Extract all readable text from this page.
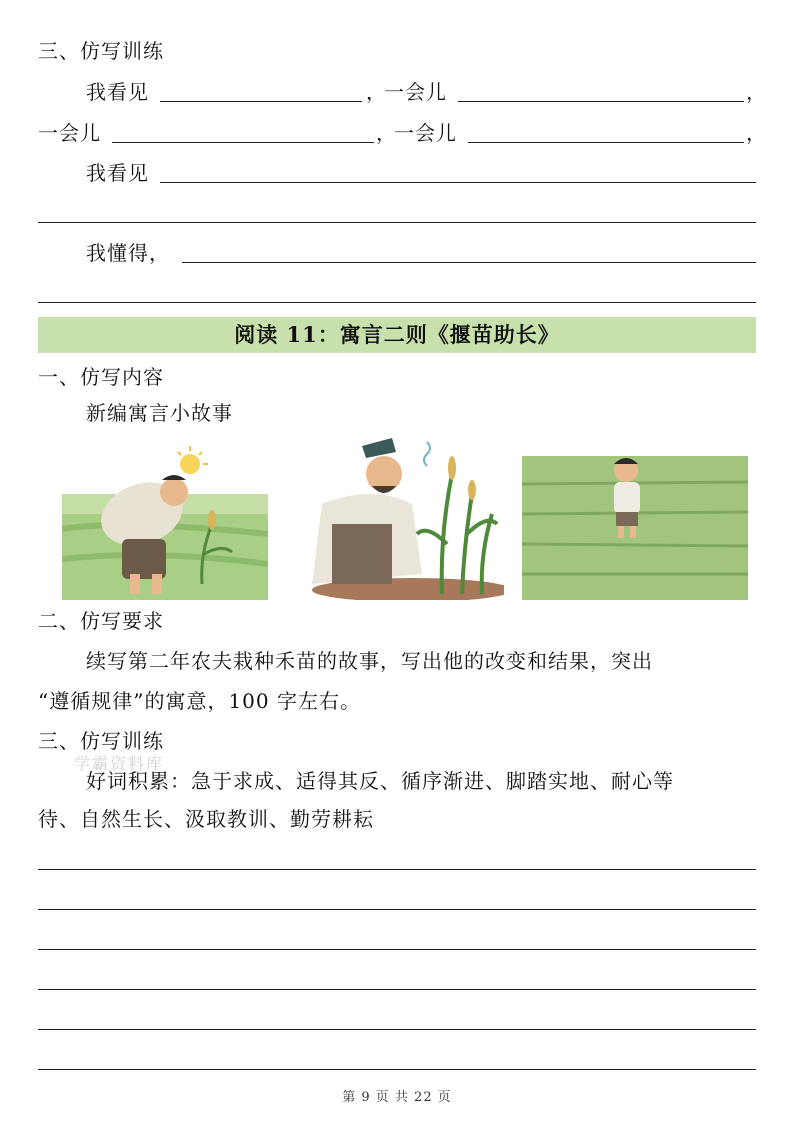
三、仿写训练
我看见	，
一会儿	，
一会儿	，
一会儿	，
我看见
我懂得，
阅读 11：寓言二则《揠苗助长》
一、仿写内容
新编寓言小故事
二、仿写要求
续写第二年农夫栽种禾苗的故事，写出他的改变和结果，突出
“遵循规律”的寓意，100 字左右。
三、仿写训练
好词积累：急于求成、适得其反、循序渐进、脚踏实地、耐心等
待、自然生长、汲取教训、勤劳耕耘
学霸资料库
第 9 页 共 22 页
